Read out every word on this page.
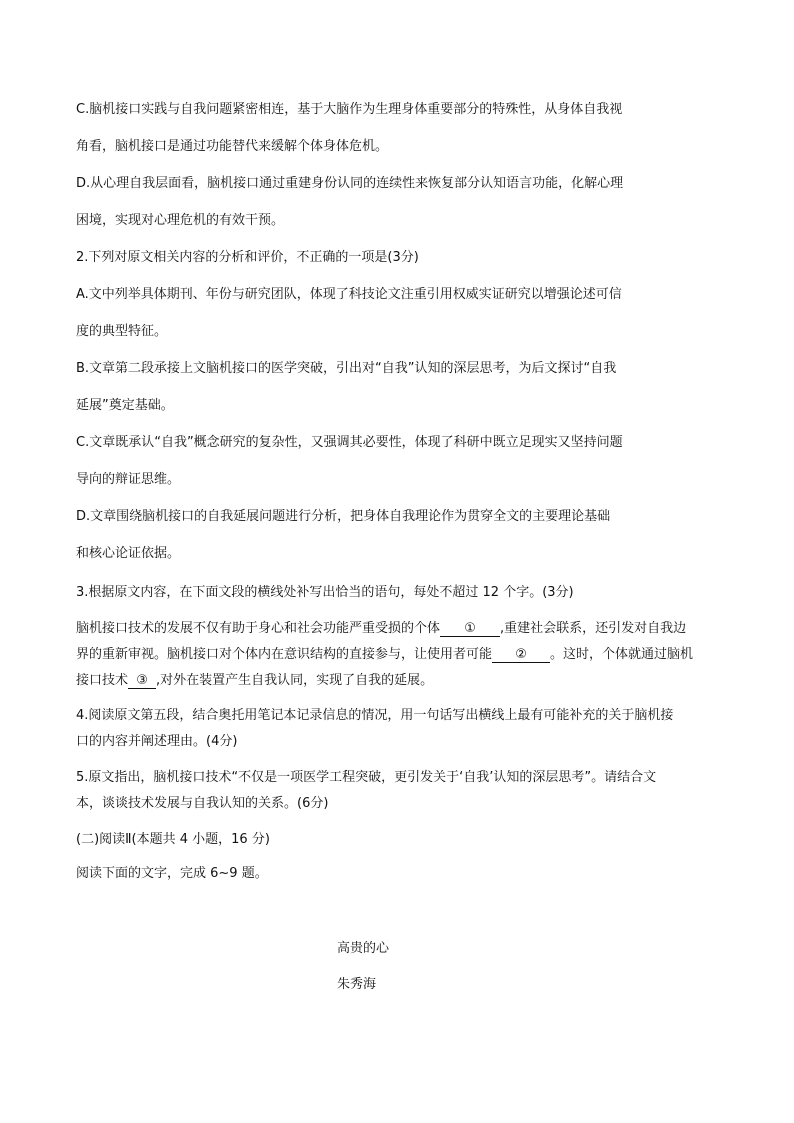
C.脑机接口实践与自我问题紧密相连，基于大脑作为生理身体重要部分的特殊性，从身体自我视
角看，脑机接口是通过功能替代来缓解个体身体危机。
D.从心理自我层面看，脑机接口通过重建身份认同的连续性来恢复部分认知语言功能，化解心理
困境，实现对心理危机的有效干预。
2.下列对原文相关内容的分析和评价，不正确的一项是(3分)
A.文中列举具体期刊、年份与研究团队，体现了科技论文注重引用权威实证研究以增强论述可信
度的典型特征。
B.文章第二段承接上文脑机接口的医学突破，引出对“自我”认知的深层思考，为后文探讨“自我
延展”奠定基础。
C.文章既承认“自我”概念研究的复杂性，又强调其必要性，体现了科研中既立足现实又坚持问题
导向的辩证思维。
D.文章围绕脑机接口的自我延展问题进行分析，把身体自我理论作为贯穿全文的主要理论基础
和核心论证依据。
3.根据原文内容，在下面文段的横线处补写出恰当的语句，每处不超过 12 个字。(3分)
脑机接口技术的发展不仅有助于身心和社会功能严重受损的个体 ① ,重建社会联系，还引发对自我边
界的重新审视。脑机接口对个体内在意识结构的直接参与，让使用者可能 ② 。这时，个体就通过脑机
接口技术 ③ ,对外在装置产生自我认同，实现了自我的延展。
4.阅读原文第五段，结合奥托用笔记本记录信息的情况，用一句话写出横线上最有可能补充的关于脑机接
口的内容并阐述理由。(4分)
5.原文指出，脑机接口技术“不仅是一项医学工程突破，更引发关于‘自我’认知的深层思考”。请结合文
本，谈谈技术发展与自我认知的关系。(6分)
(二)阅读Ⅱ(本题共 4 小题，16 分)
阅读下面的文字，完成 6~9 题。
高贵的心
朱秀海
